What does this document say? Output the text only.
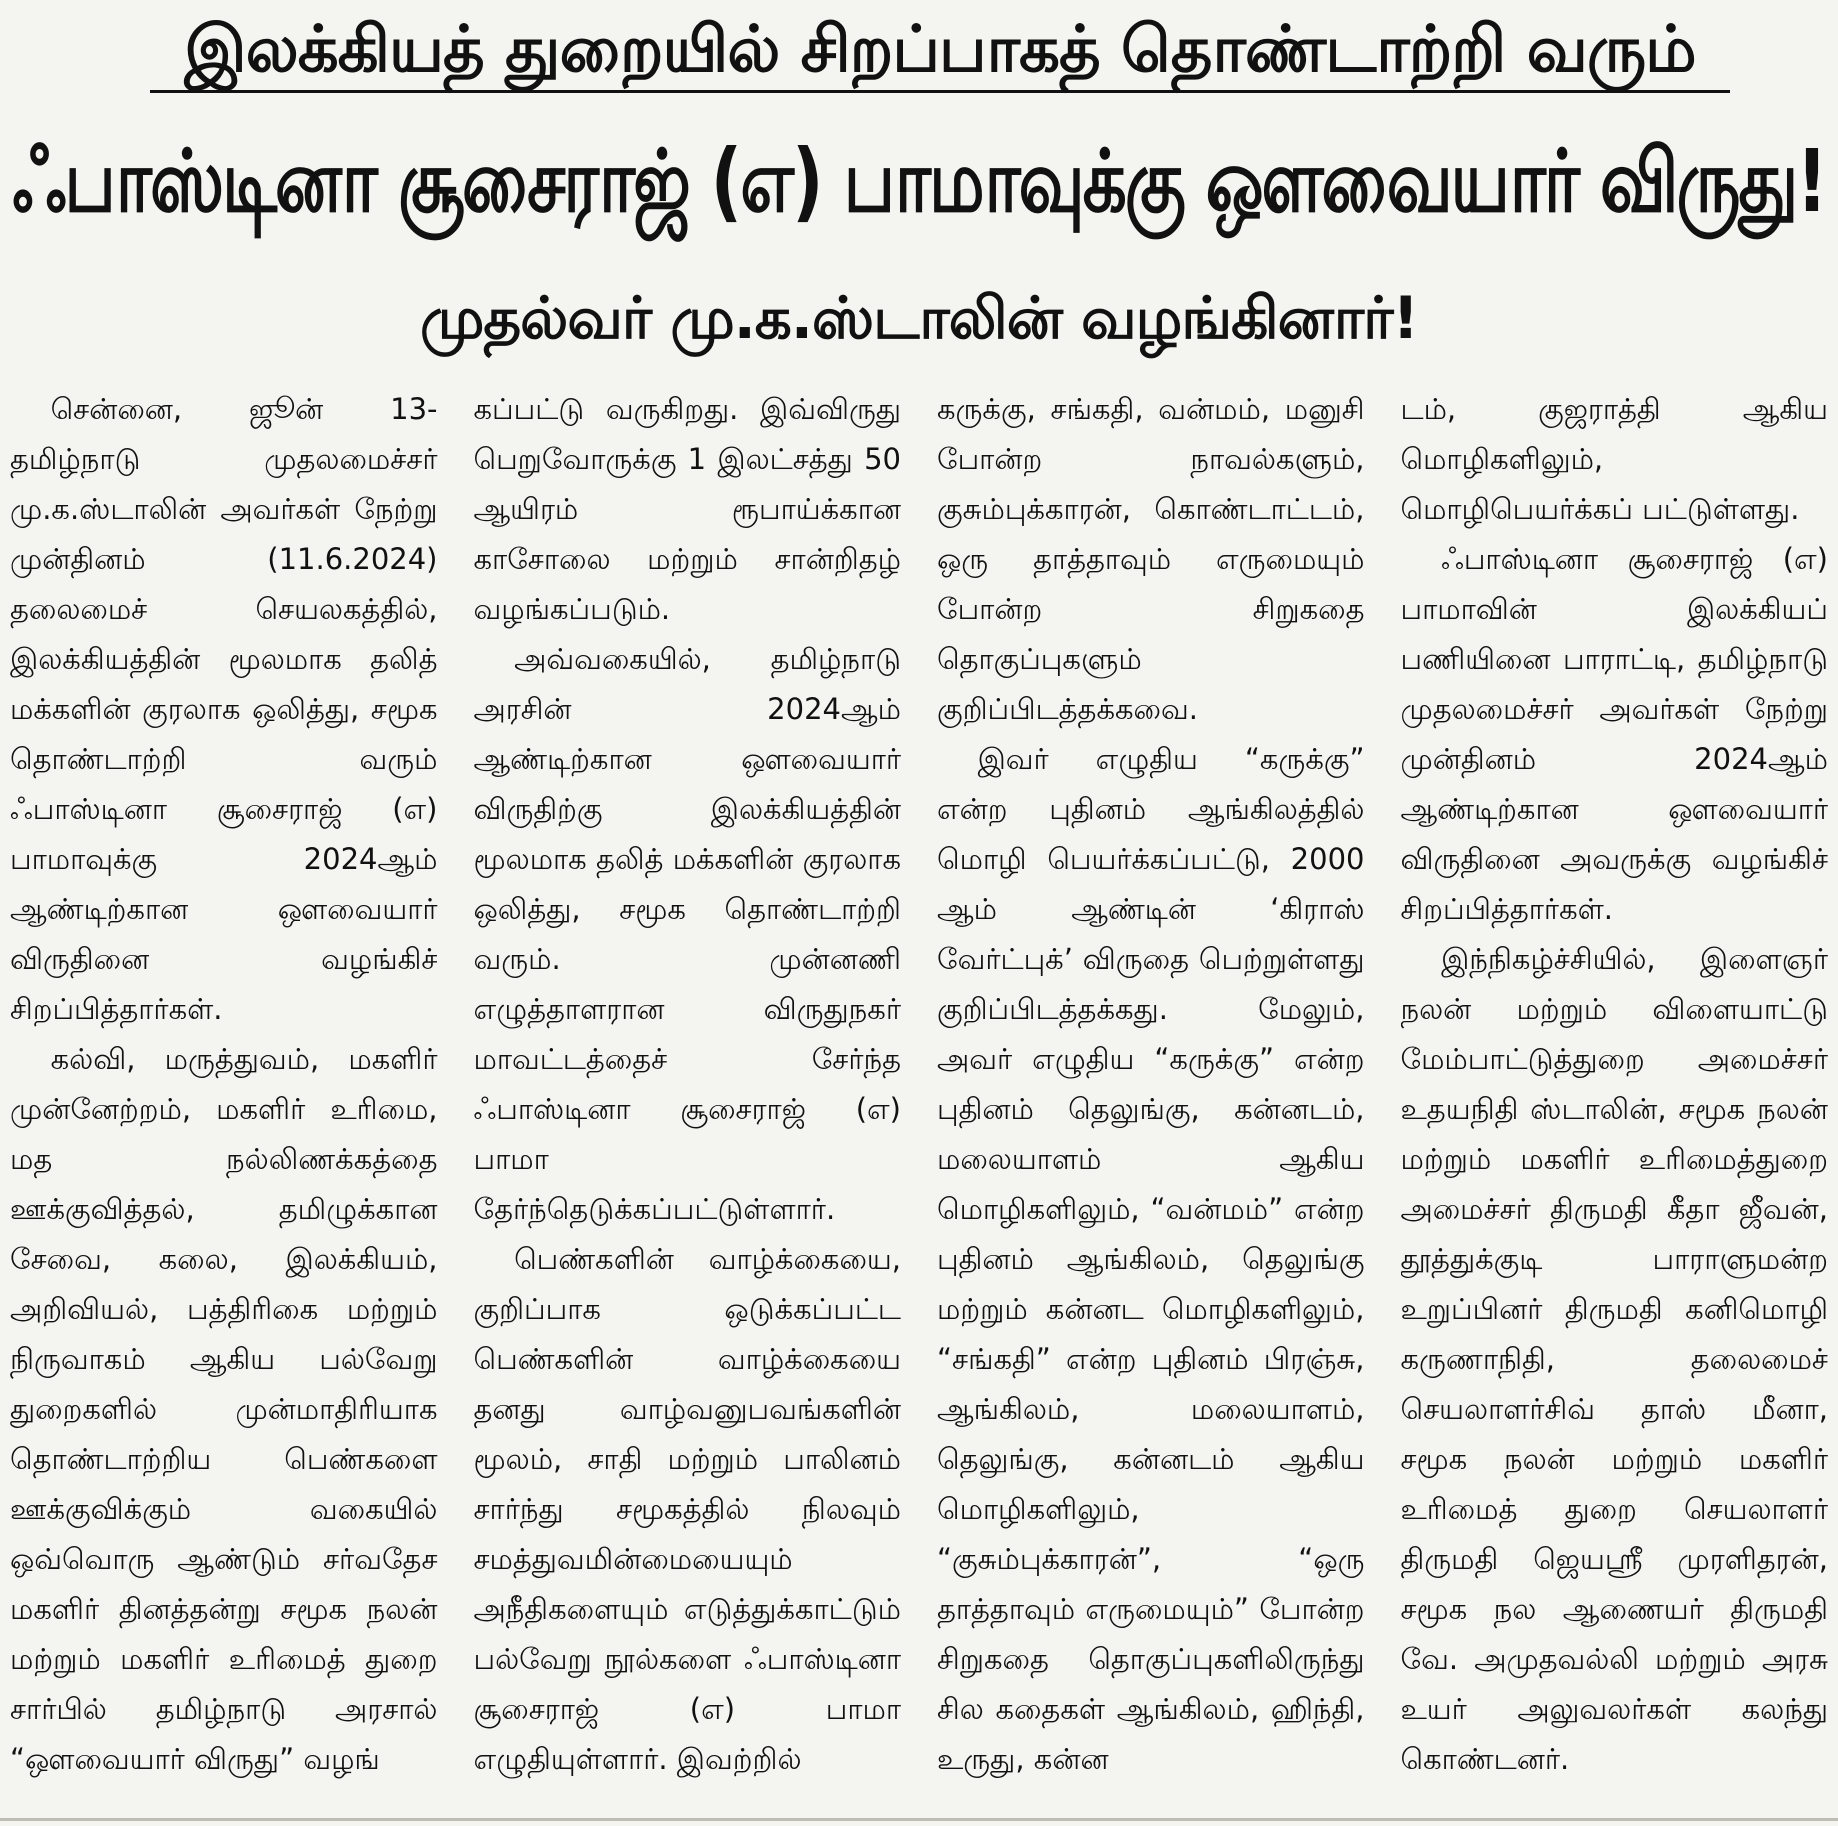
இலக்கியத் துறையில் சிறப்பாகத் தொண்டாற்றி வரும்
ஃபாஸ்டினா சூசைராஜ் (எ) பாமாவுக்கு ஔவையார் விருது!
முதல்வர் மு.க.ஸ்டாலின் வழங்கினார்!

சென்னை, ஜூன் 13- தமிழ்நாடு முதலமைச்சர் மு.க.ஸ்டாலின் அவர்கள் நேற்று முன்தினம் (11.6.2024) தலைமைச் செயலகத்தில், இலக்கியத்தின் மூலமாக தலித் மக்களின் குரலாக ஒலித்து, சமூக தொண்டாற்றி வரும் ஃபாஸ்டினா சூசைராஜ் (எ) பாமாவுக்கு 2024ஆம் ஆண்டிற்கான ஔவையார் விருதினை வழங்கிச் சிறப்பித்தார்கள்.

கல்வி, மருத்துவம், மகளிர் முன்னேற்றம், மகளிர் உரிமை, மத நல்லிணக்கத்தை ஊக்குவித்தல், தமிழுக்கான சேவை, கலை, இலக்கியம், அறிவியல், பத்திரிகை மற்றும் நிருவாகம் ஆகிய பல்வேறு துறைகளில் முன்மாதிரியாக தொண்டாற்றிய பெண்களை ஊக்குவிக்கும் வகையில் ஒவ்வொரு ஆண்டும் சர்வதேச மகளிர் தினத்தன்று சமூக நலன் மற்றும் மகளிர் உரிமைத் துறை சார்பில் தமிழ்நாடு அரசால் “ஔவையார் விருது” வழங்

கப்பட்டு வருகிறது. இவ்விருது பெறுவோருக்கு 1 இலட்சத்து 50 ஆயிரம் ரூபாய்க்கான காசோலை மற்றும் சான்றிதழ் வழங்கப்படும்.

அவ்வகையில், தமிழ்நாடு அரசின் 2024ஆம் ஆண்டிற்கான ஔவையார் விருதிற்கு இலக்கியத்தின் மூலமாக தலித் மக்களின் குரலாக ஒலித்து, சமூக தொண்டாற்றி வரும். முன்னணி எழுத்தாளரான விருதுநகர் மாவட்டத்தைச் சேர்ந்த ஃபாஸ்டினா சூசைராஜ் (எ) பாமா தேர்ந்தெடுக்கப்பட்டுள்ளார்.

பெண்களின் வாழ்க்கையை, குறிப்பாக ஒடுக்கப்பட்ட பெண்களின் வாழ்க்கையை தனது வாழ்வனுபவங்களின் மூலம், சாதி மற்றும் பாலினம் சார்ந்து சமூகத்தில் நிலவும் சமத்துவமின்மையையும் அநீதிகளையும் எடுத்துக்காட்டும் பல்வேறு நூல்களை ஃபாஸ்டினா சூசைராஜ் (எ) பாமா எழுதியுள்ளார். இவற்றில்

கருக்கு, சங்கதி, வன்மம், மனுசி போன்ற நாவல்களும், குசும்புக்காரன், கொண்டாட்டம், ஒரு தாத்தாவும் எருமையும் போன்ற சிறுகதை தொகுப்புகளும் குறிப்பிடத்தக்கவை.

இவர் எழுதிய “கருக்கு” என்ற புதினம் ஆங்கிலத்தில் மொழி பெயர்க்கப்பட்டு, 2000 ஆம் ஆண்டின் ‘கிராஸ் வேர்ட்புக்’ விருதை பெற்றுள்ளது குறிப்பிடத்தக்கது. மேலும், அவர் எழுதிய “கருக்கு” என்ற புதினம் தெலுங்கு, கன்னடம், மலையாளம் ஆகிய மொழிகளிலும், “வன்மம்” என்ற புதினம் ஆங்கிலம், தெலுங்கு மற்றும் கன்னட மொழிகளிலும், “சங்கதி” என்ற புதினம் பிரஞ்சு, ஆங்கிலம், மலையாளம், தெலுங்கு, கன்னடம் ஆகிய மொழிகளிலும், “குசும்புக்காரன்”, “ஒரு தாத்தாவும் எருமையும்” போன்ற சிறுகதை தொகுப்புகளிலிருந்து சில கதைகள் ஆங்கிலம், ஹிந்தி, உருது, கன்ன

டம், குஜராத்தி ஆகிய மொழிகளிலும், மொழிபெயர்க்கப் பட்டுள்ளது.

ஃபாஸ்டினா சூசைராஜ் (எ) பாமாவின் இலக்கியப் பணியினை பாராட்டி, தமிழ்நாடு முதலமைச்சர் அவர்கள் நேற்று முன்தினம் 2024ஆம் ஆண்டிற்கான ஔவையார் விருதினை அவருக்கு வழங்கிச் சிறப்பித்தார்கள்.

இந்நிகழ்ச்சியில், இளைஞர் நலன் மற்றும் விளையாட்டு மேம்பாட்டுத்துறை அமைச்சர் உதயநிதி ஸ்டாலின், சமூக நலன் மற்றும் மகளிர் உரிமைத்துறை அமைச்சர் திருமதி கீதா ஜீவன், தூத்துக்குடி பாராளுமன்ற உறுப்பினர் திருமதி கனிமொழி கருணாநிதி, தலைமைச் செயலாளர்சிவ் தாஸ் மீனா, சமூக நலன் மற்றும் மகளிர் உரிமைத் துறை செயலாளர் திருமதி ஜெயஸ்ரீ முரளிதரன், சமூக நல ஆணையர் திருமதி வே. அமுதவல்லி மற்றும் அரசு உயர் அலுவலர்கள் கலந்து கொண்டனர்.
